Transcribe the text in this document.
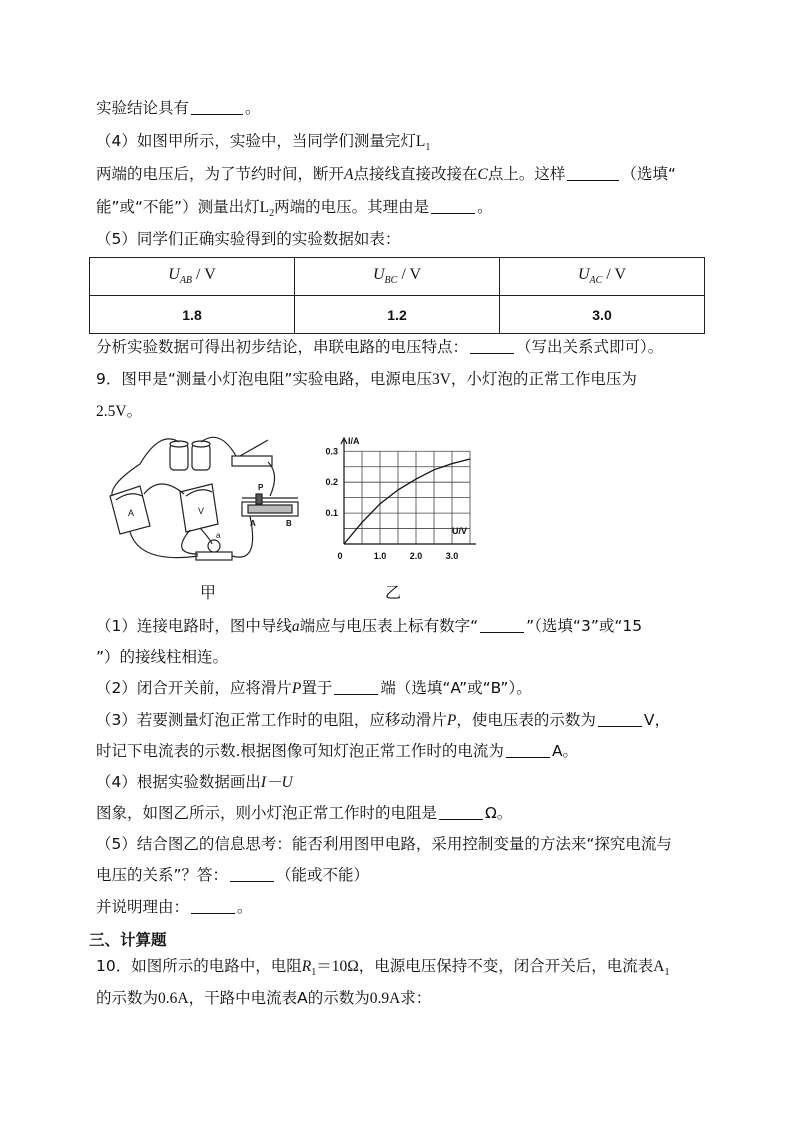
实验结论具有	。
（4）如图甲所示，实验中，当同学们测量完灯$L_1$
两端的电压后，为了节约时间，断开A点接线直接改接在C点上。这样	（选填“
能”或“不能”）测量出灯$L_2$两端的电压。其理由是	。
（5）同学们正确实验得到的实验数据如表：
$U_{AB}$ / V	$U_{BC}$ / V	$U_{AC}$ / V
1.8	1.2	3.0
分析实验数据可得出初步结论，串联电路的电压特点：	（写出关系式即可）。
9．图甲是“测量小灯泡电阻”实验电路，电源电压3V，小灯泡的正常工作电压为
2.5V。
A	V
P
A	B
a
甲
I/A
U/V
0	1.0	2.0	3.0
0.1
0.2
0.3
乙
（1）连接电路时，图中导线a端应与电压表上标有数字“	”（选填“3”或“15
”）的接线柱相连。
（2）闭合开关前，应将滑片P置于	端（选填“A”或“B”）。
（3）若要测量灯泡正常工作时的电阻，应移动滑片P，使电压表的示数为	V，
时记下电流表的示数.根据图像可知灯泡正常工作时的电流为	A。
（4）根据实验数据画出I－U
图象，如图乙所示，则小灯泡正常工作时的电阻是	Ω。
（5）结合图乙的信息思考：能否利用图甲电路，采用控制变量的方法来“探究电流与
电压的关系”？答：	（能或不能）
并说明理由：	。
三、计算题
10．如图所示的电路中，电阻$R_1=10\Omega$，电源电压保持不变，闭合开关后，电流表$A_1$
的示数为0.6A，干路中电流表A的示数为0.9A求：
